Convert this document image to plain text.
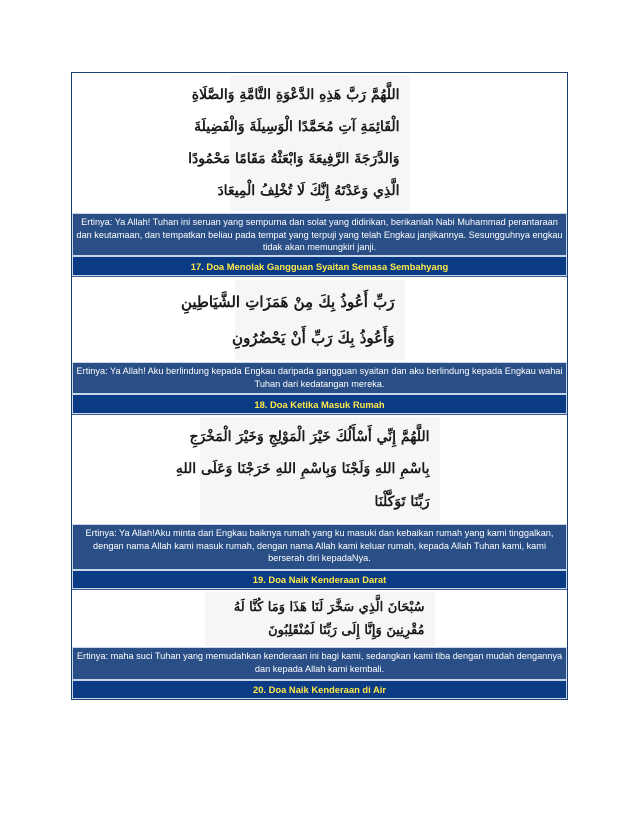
اللَّهُمَّ رَبَّ هَذِهِ الدَّعْوَةِ التَّامَّةِ وَالصَّلَاةِ
الْقَائِمَةِ آتِ مُحَمَّدًا الْوَسِيلَةَ وَالْفَضِيلَةَ
وَالدَّرَجَةَ الرَّفِيعَةَ وَابْعَثْهُ مَقَامًا مَحْمُودًا
الَّذِي وَعَدْتَهُ إِنَّكَ لَا تُخْلِفُ الْمِيعَادَ
Ertinya: Ya Allah! Tuhan ini seruan yang sempurna dan solat yang didirikan, berikanlah Nabi Muhammad perantaraan dan keutamaan, dan tempatkan beliau pada tempat yang terpuji yang telah Engkau janjikannya. Sesungguhnya engkau tidak akan memungkiri janji.
17. Doa Menolak Gangguan Syaitan Semasa Sembahyang
رَبِّ أَعُوذُ بِكَ مِنْ هَمَزَاتِ الشَّيَاطِينِ
وَأَعُوذُ بِكَ رَبِّ أَنْ يَحْضُرُونِ
Ertinya: Ya Allah! Aku berlindung kepada Engkau daripada gangguan syaitan dan aku berlindung kepada Engkau wahai Tuhan dari kedatangan mereka.
18. Doa Ketika Masuk Rumah
اللَّهُمَّ إِنِّي أَسْأَلُكَ خَيْرَ الْمَوْلِجِ وَخَيْرَ الْمَخْرَجِ
بِاسْمِ اللهِ وَلَجْنَا وَبِاسْمِ اللهِ خَرَجْنَا وَعَلَى اللهِ
رَبِّنَا تَوَكَّلْنَا
Ertinya: Ya Allah!Aku minta dari Engkau baiknya rumah yang ku masuki dan kebaikan rumah yang kami tinggalkan, dengan nama Allah kami masuk rumah, dengan nama Allah kami keluar rumah, kepada Allah Tuhan kami, kami berserah diri kepadaNya.
19. Doa Naik Kenderaan Darat
سُبْحَانَ الَّذِي سَخَّرَ لَنَا هَذَا وَمَا كُنَّا لَهُ
مُقْرِنِينَ وَإِنَّا إِلَى رَبِّنَا لَمُنْقَلِبُونَ
Ertinya: maha suci Tuhan yang memudahkan kenderaan ini bagi kami, sedangkan kami tiba dengan mudah dengannya dan kepada Allah kami kembali.
20. Doa Naik Kenderaan di Air
